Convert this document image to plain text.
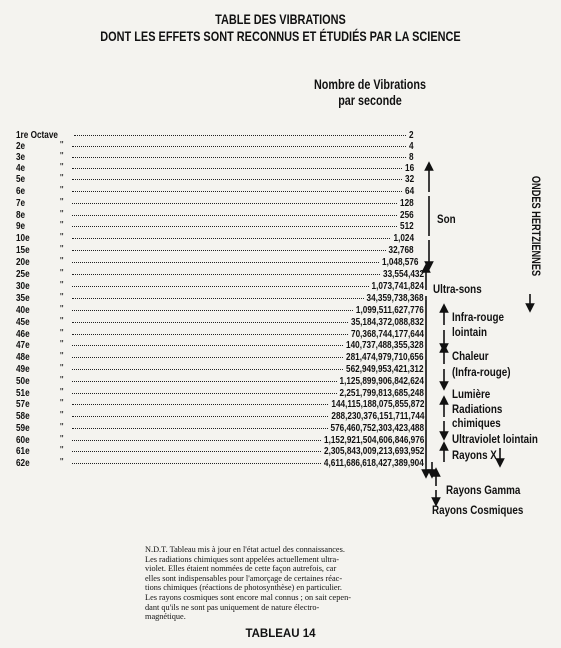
TABLE DES VIBRATIONS
DONT LES EFFETS SONT RECONNUS ET ÉTUDIÉS PAR LA SCIENCE
Nombre de Vibrations
par seconde
1re Octave	2
2e	"	4
3e	"	8
4e	"	16
5e	"	32
6e	"	64
7e	"	128
8e	"	256
9e	"	512
10e	"	1,024
15e	"	32,768
20e	"	1,048,576
25e	"	33,554,432
30e	"	1,073,741,824
35e	"	34,359,738,368
40e	"	1,099,511,627,776
45e	"	35,184,372,088,832
46e	"	70,368,744,177,644
47e	"	140,737,488,355,328
48e	"	281,474,979,710,656
49e	"	562,949,953,421,312
50e	"	1,125,899,906,842,624
51e	"	2,251,799,813,685,248
57e	"	144,115,188,075,855,872
58e	"	288,230,376,151,711,744
59e	"	576,460,752,303,423,488
60e	"	1,152,921,504,606,846,976
61e	"	2,305,843,009,213,693,952
62e	"	4,611,686,618,427,389,904
Son
Ultra-sons
Infra-rouge
lointain
Chaleur
(Infra-rouge)
Lumière
Radiations
chimiques
Ultraviolet lointain
Rayons X
Rayons Gamma
Rayons Cosmiques
ONDES HERTZIENNES

N.D.T. Tableau mis à jour en l'état actuel des connaissances.

Les radiations chimiques sont appelées actuellement ultra-

violet. Elles étaient nommées de cette façon autrefois, car

elles sont indispensables pour l'amorçage de certaines réac-

tions chimiques (réactions de photosynthèse) en particulier.

Les rayons cosmiques sont encore mal connus ; on sait cepen-

dant qu'ils ne sont pas uniquement de nature électro-

magnétique.

TABLEAU 14
